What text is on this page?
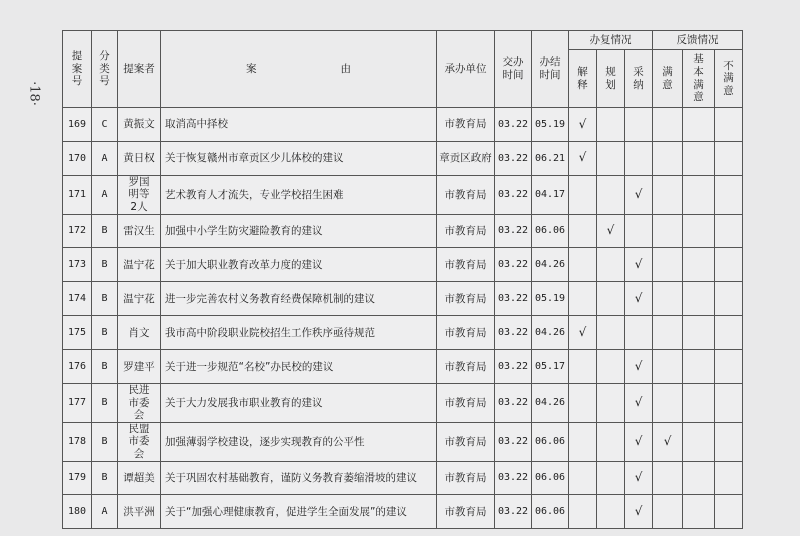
·18·
提案号	分类号	提案者	案　　　　　　　　由	承办单位	交办时间	办结时间	办复情况			反馈情况		
							解释	规划	采纳	满意	基本满意	不满意
169	C	黄振文	取消高中择校	市教育局	03.22	05.19	√					
170	A	黄日权	关于恢复赣州市章贡区少儿体校的建议	章贡区政府	03.22	06.21	√					
171	A	罗国明等2人	艺术教育人才流失，专业学校招生困难	市教育局	03.22	04.17			√			
172	B	雷汉生	加强中小学生防灾避险教育的建议	市教育局	03.22	06.06		√				
173	B	温宁花	关于加大职业教育改革力度的建议	市教育局	03.22	04.26			√			
174	B	温宁花	进一步完善农村义务教育经费保障机制的建议	市教育局	03.22	05.19			√			
175	B	肖文	我市高中阶段职业院校招生工作秩序亟待规范	市教育局	03.22	04.26	√					
176	B	罗建平	关于进一步规范“名校”办民校的建议	市教育局	03.22	05.17			√			
177	B	民进市委会	关于大力发展我市职业教育的建议	市教育局	03.22	04.26			√			
178	B	民盟市委会	加强薄弱学校建设，逐步实现教育的公平性	市教育局	03.22	06.06			√	√		
179	B	谭超美	关于巩固农村基础教育，谨防义务教育萎缩滑坡的建议	市教育局	03.22	06.06			√			
180	A	洪平洲	关于“加强心理健康教育，促进学生全面发展”的建议	市教育局	03.22	06.06			√			
